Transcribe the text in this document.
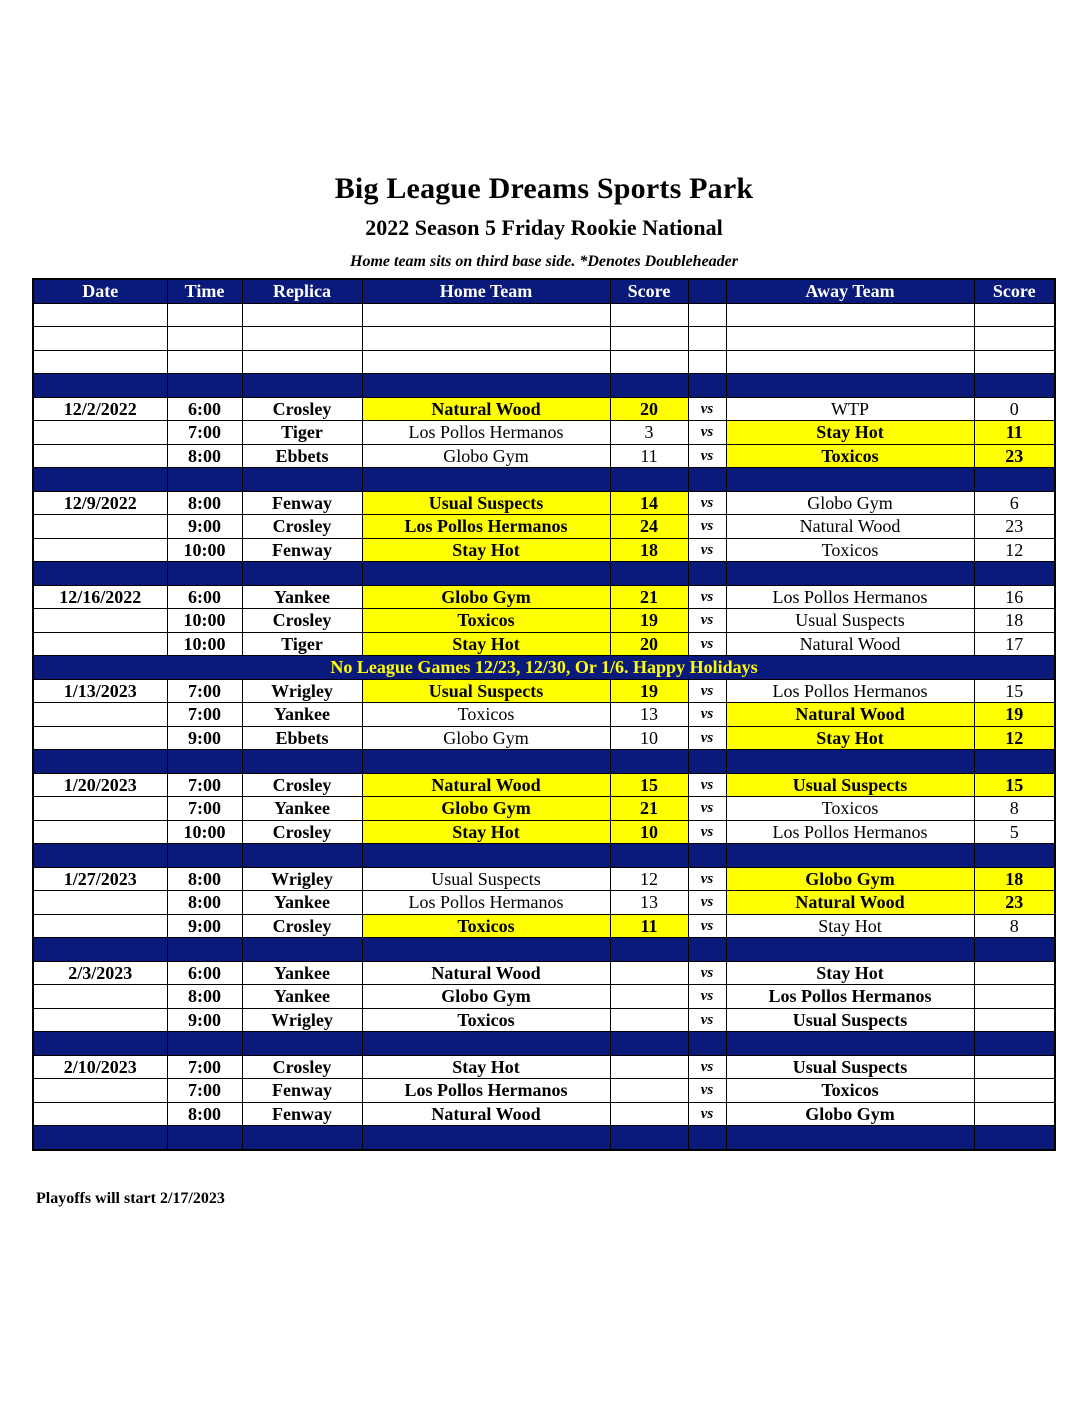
Big League Dreams Sports Park
2022 Season 5 Friday Rookie National
Home team sits on third base side. *Denotes Doubleheader
Date	Time	Replica	Home Team	Score		Away Team	Score

12/2/2022	6:00	Crosley	Natural Wood	20	vs	WTP	0
	7:00	Tiger	Los Pollos Hermanos	3	vs	Stay Hot	11
	8:00	Ebbets	Globo Gym	11	vs	Toxicos	23

12/9/2022	8:00	Fenway	Usual Suspects	14	vs	Globo Gym	6
	9:00	Crosley	Los Pollos Hermanos	24	vs	Natural Wood	23
	10:00	Fenway	Stay Hot	18	vs	Toxicos	12

12/16/2022	6:00	Yankee	Globo Gym	21	vs	Los Pollos Hermanos	16
	10:00	Crosley	Toxicos	19	vs	Usual Suspects	18
	10:00	Tiger	Stay Hot	20	vs	Natural Wood	17
No League Games 12/23, 12/30, Or 1/6. Happy Holidays							
1/13/2023	7:00	Wrigley	Usual Suspects	19	vs	Los Pollos Hermanos	15
	7:00	Yankee	Toxicos	13	vs	Natural Wood	19
	9:00	Ebbets	Globo Gym	10	vs	Stay Hot	12

1/20/2023	7:00	Crosley	Natural Wood	15	vs	Usual Suspects	15
	7:00	Yankee	Globo Gym	21	vs	Toxicos	8
	10:00	Crosley	Stay Hot	10	vs	Los Pollos Hermanos	5

1/27/2023	8:00	Wrigley	Usual Suspects	12	vs	Globo Gym	18
	8:00	Yankee	Los Pollos Hermanos	13	vs	Natural Wood	23
	9:00	Crosley	Toxicos	11	vs	Stay Hot	8

2/3/2023	6:00	Yankee	Natural Wood		vs	Stay Hot	
	8:00	Yankee	Globo Gym		vs	Los Pollos Hermanos	
	9:00	Wrigley	Toxicos		vs	Usual Suspects	

2/10/2023	7:00	Crosley	Stay Hot		vs	Usual Suspects	
	7:00	Fenway	Los Pollos Hermanos		vs	Toxicos	
	8:00	Fenway	Natural Wood		vs	Globo Gym	

Playoffs will start 2/17/2023
